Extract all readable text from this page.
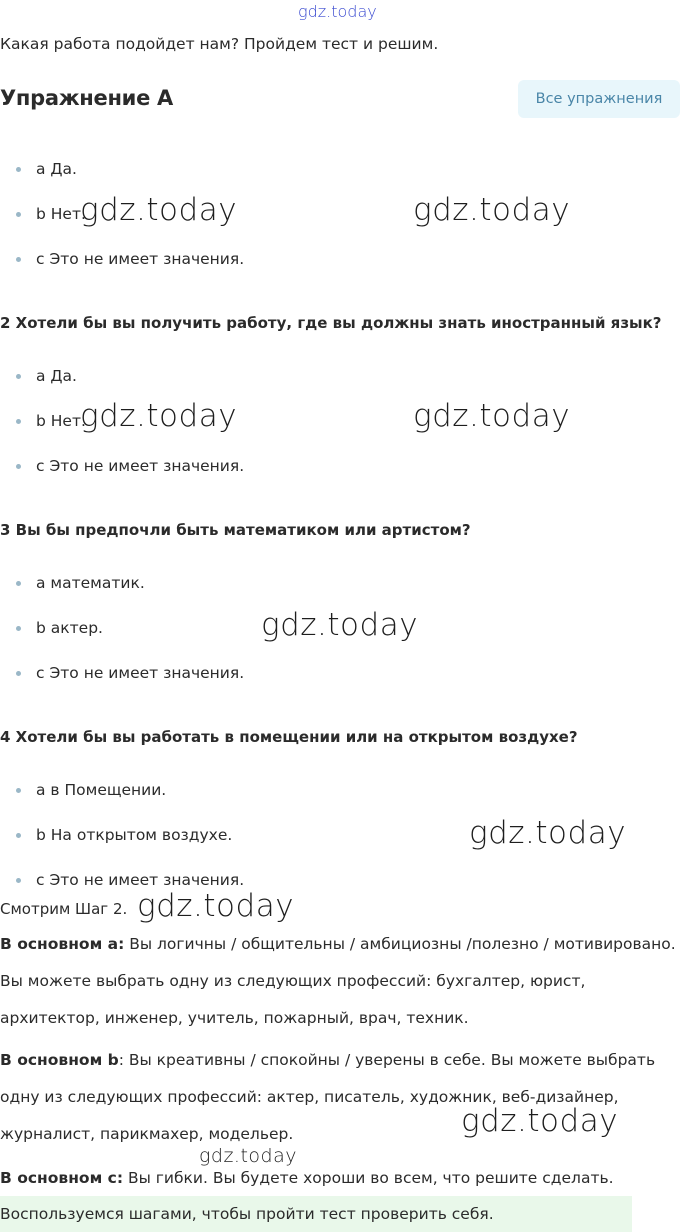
gdz.today
Какая работа подойдет нам? Пройдем тест и решим.
Упражнение A	Все упражнения
a Да.
b Нет.
c Это не имеет значения.
2 Хотели бы вы получить работу, где вы должны знать иностранный язык?
a Да.
b Нет.
c Это не имеет значения.
3 Вы бы предпочли быть математиком или артистом?
a математик.
b актер.
c Это не имеет значения.
4 Хотели бы вы работать в помещении или на открытом воздухе?
a в Помещении.
b На открытом воздухе.
c Это не имеет значения.
Смотрим Шаг 2.
В основном a: Вы логичны / общительны / амбициозны /полезно / мотивировано. Вы можете выбрать одну из следующих профессий: бухгалтер, юрист, архитектор, инженер, учитель, пожарный, врач, техник.
В основном b: Вы креативны / спокойны / уверены в себе. Вы можете выбрать одну из следующих профессий: актер, писатель, художник, веб-дизайнер, журналист, парикмахер, модельер.
В основном c: Вы гибки. Вы будете хороши во всем, что решите сделать.
Воспользуемся шагами, чтобы пройти тест проверить себя.
gdz.today	gdz.today
gdz.today	gdz.today
gdz.today
gdz.today
gdz.today
gdz.today
gdz.today
